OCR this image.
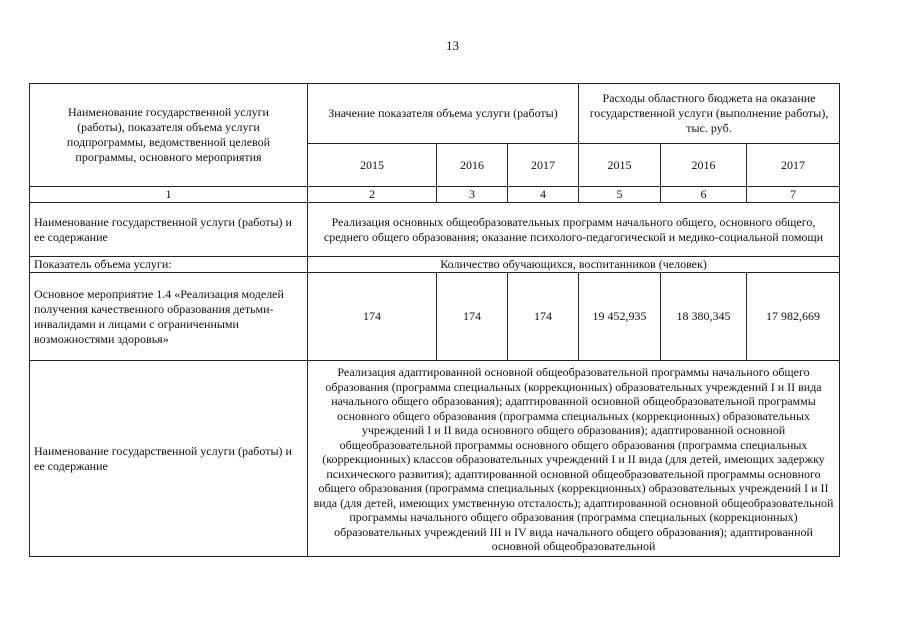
13
Наименование государственной услуги (работы), показателя объема услуги подпрограммы, ведомственной целевой программы, основного мероприятия	Значение показателя объема услуги (работы)			Расходы областного бюджета на оказание государственной услуги (выполнение работы), тыс. руб.		
	2015	2016	2017	2015	2016	2017
1	2	3	4	5	6	7
Наименование государственной услуги (работы) и ее содержание	Реализация основных общеобразовательных программ начального общего, основного общего, среднего общего образования; оказание психолого-педагогической и медико-социальной помощи					
Показатель объема услуги:	Количество обучающихся, воспитанников (человек)					
Основное мероприятие 1.4 «Реализация моделей получения качественного образования детьми-инвалидами и лицами с ограниченными возможностями здоровья»	174	174	174	19 452,935	18 380,345	17 982,669
Наименование государственной услуги (работы) и ее содержание	Реализация адаптированной основной общеобразовательной программы начального общего образования (программа специальных (коррекционных) образовательных учреждений I и II вида начального общего образования); адаптированной основной общеобразовательной программы основного общего образования (программа специальных (коррекционных) образовательных учреждений I и II вида основного общего образования); адаптированной основной общеобразовательной программы основного общего образования (программа специальных (коррекционных) классов образовательных учреждений I и II вида (для детей, имеющих задержку психического развития); адаптированной основной общеобразовательной программы основного общего образования (программа специальных (коррекционных) образовательных учреждений I и II вида (для детей, имеющих умственную отсталость); адаптированной основной общеобразовательной программы начального общего образования (программа специальных (коррекционных) образовательных учреждений III и IV вида начального общего образования); адаптированной основной общеобразовательной					
